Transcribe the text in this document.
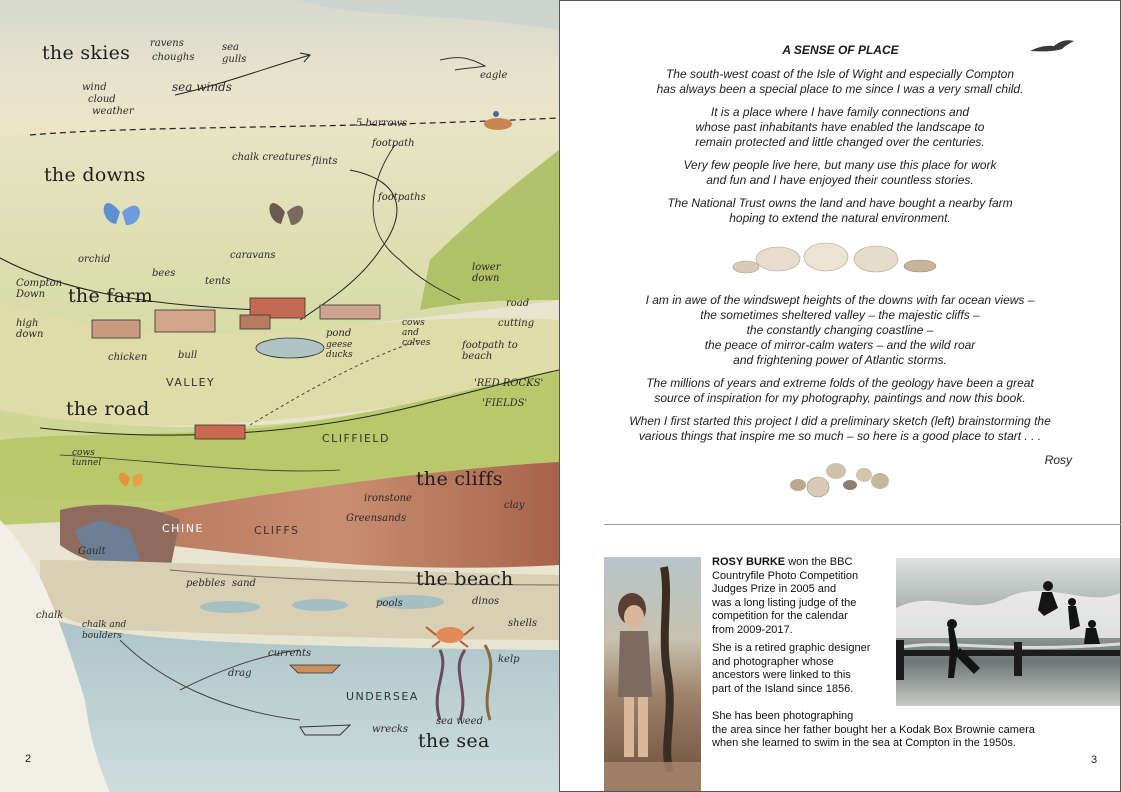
the skies ravens
choughs
sea
gulls
sea winds
wind
cloud
weather
eagle
5 barrows
footpath
the downs
chalk creatures flints
footpaths
orchid
bees
caravans
tents
Compton Down	the farm
high down
lower down
road
cutting
pond
geese ducks
cows and calves
chicken	bull
VALLEY
footpath to beach
'RED ROCKS'
'FIELDS'
the road
CLIFFIELD
cows tunnel
the cliffs
ironstone
Greensands
clay
CHINE	CLIFFS
Gault
pebbles sand	the beach
chalk
chalk and boulders
pools	dinos
shells
drag
currents
UNDERSEA
kelp
sea weed
wrecks
the sea
2
A SENSE OF PLACE
The south-west coast of the Isle of Wight and especially Compton
has always been a special place to me since I was a very small child.
It is a place where I have family connections and
whose past inhabitants have enabled the landscape to
remain protected and little changed over the centuries.
Very few people live here, but many use this place for work
and fun and I have enjoyed their countless stories.
The National Trust owns the land and have bought a nearby farm
hoping to extend the natural environment.
I am in awe of the windswept heights of the downs with far ocean views –
the sometimes sheltered valley – the majestic cliffs –
the constantly changing coastline –
the peace of mirror-calm waters – and the wild roar
and frightening power of Atlantic storms.
The millions of years and extreme folds of the geology have been a great
source of inspiration for my photography, paintings and now this book.
When I first started this project I did a preliminary sketch (left) brainstorming the
various things that inspire me so much – so here is a good place to start . . .
Rosy
ROSY BURKE won the BBC
Countryfile Photo Competition
Judges Prize in 2005 and
was a long listing judge of the
competition for the calendar
from 2009-2017.
She is a retired graphic designer
and photographer whose
ancestors were linked to this
part of the Island since 1856.
She has been photographing
the area since her father bought her a Kodak Box Brownie camera
when she learned to swim in the sea at Compton in the 1950s.
3
